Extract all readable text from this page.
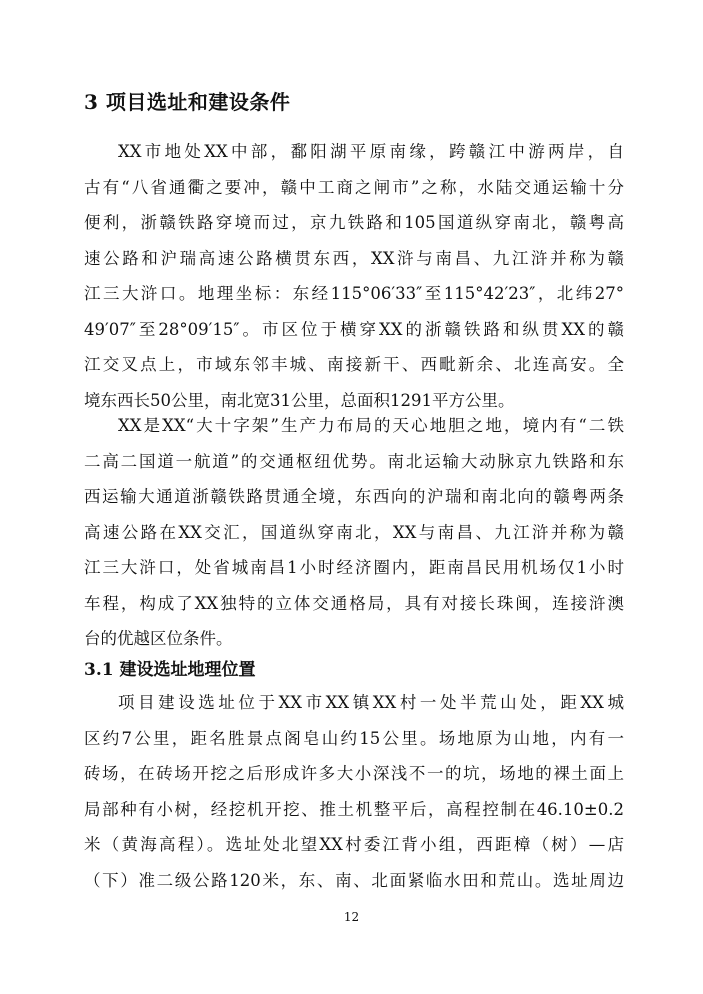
3 项目选址和建设条件
XX市地处XX中部，鄱阳湖平原南缘，跨赣江中游两岸，自
古有“八省通衢之要冲，赣中工商之闸市”之称，水陆交通运输十分
便利，浙赣铁路穿境而过，京九铁路和105国道纵穿南北，赣粤高
速公路和沪瑞高速公路横贯东西，XX浒与南昌、九江浒并称为赣
江三大浒口。地理坐标：东经115°06′33″至115°42′23″，北纬27°
49′07″至28°09′15″。市区位于横穿XX的浙赣铁路和纵贯XX的赣
江交叉点上，市域东邻丰城、南接新干、西毗新余、北连高安。全
境东西长50公里，南北宽31公里，总面积1291平方公里。
XX是XX“大十字架”生产力布局的天心地胆之地，境内有“二铁
二高二国道一航道”的交通枢纽优势。南北运输大动脉京九铁路和东
西运输大通道浙赣铁路贯通全境，东西向的沪瑞和南北向的赣粤两条
高速公路在XX交汇，国道纵穿南北，XX与南昌、九江浒并称为赣
江三大浒口，处省城南昌1小时经济圈内，距南昌民用机场仅1小时
车程，构成了XX独特的立体交通格局，具有对接长珠闽，连接浒澳
台的优越区位条件。
3.1 建设选址地理位置
项目建设选址位于XX市XX镇XX村一处半荒山处，距XX城
区约7公里，距名胜景点阁皂山约15公里。场地原为山地，内有一
砖场，在砖场开挖之后形成许多大小深浅不一的坑，场地的裸土面上
局部种有小树，经挖机开挖、推土机整平后，高程控制在46.10±0.2
米（黄海高程）。选址处北望XX村委江背小组，西距樟（树）—店
（下）准二级公路120米，东、南、北面紧临水田和荒山。选址周边
12
